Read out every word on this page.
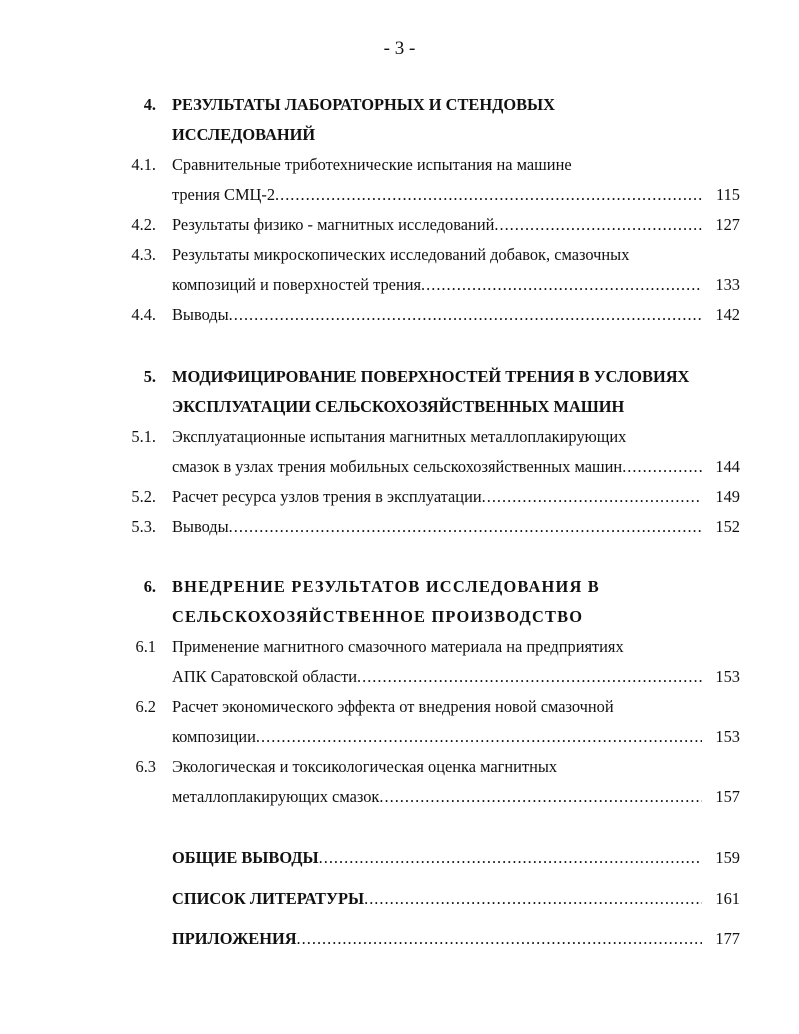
- 3 -
4. РЕЗУЛЬТАТЫ ЛАБОРАТОРНЫХ И СТЕНДОВЫХ
ИССЛЕДОВАНИЙ
4.1. Сравнительные триботехнические испытания на машине
трения СМЦ-2 .....	115
4.2. Результаты физико - магнитных исследований .....	127
4.3. Результаты микроскопических исследований добавок, смазочных
композиций и поверхностей трения .....	133
4.4. Выводы .....	142
5. МОДИФИЦИРОВАНИЕ ПОВЕРХНОСТЕЙ ТРЕНИЯ В УСЛОВИЯХ
ЭКСПЛУАТАЦИИ СЕЛЬСКОХОЗЯЙСТВЕННЫХ МАШИН
5.1. Эксплуатационные испытания магнитных металлоплакирующих
смазок в узлах трения мобильных сельскохозяйственных машин .....	144
5.2. Расчет ресурса узлов трения в эксплуатации .....	149
5.3. Выводы .....	152
6. ВНЕДРЕНИЕ РЕЗУЛЬТАТОВ ИССЛЕДОВАНИЯ В
СЕЛЬСКОХОЗЯЙСТВЕННОЕ ПРОИЗВОДСТВО
6.1 Применение магнитного смазочного материала на предприятиях
АПК Саратовской области .....	153
6.2 Расчет экономического эффекта от внедрения новой смазочной
композиции .....	153
6.3 Экологическая и токсикологическая оценка магнитных
металлоплакирующих смазок .....	157
ОБЩИЕ ВЫВОДЫ .....	159
СПИСОК ЛИТЕРАТУРЫ .....	161
ПРИЛОЖЕНИЯ .....	177
